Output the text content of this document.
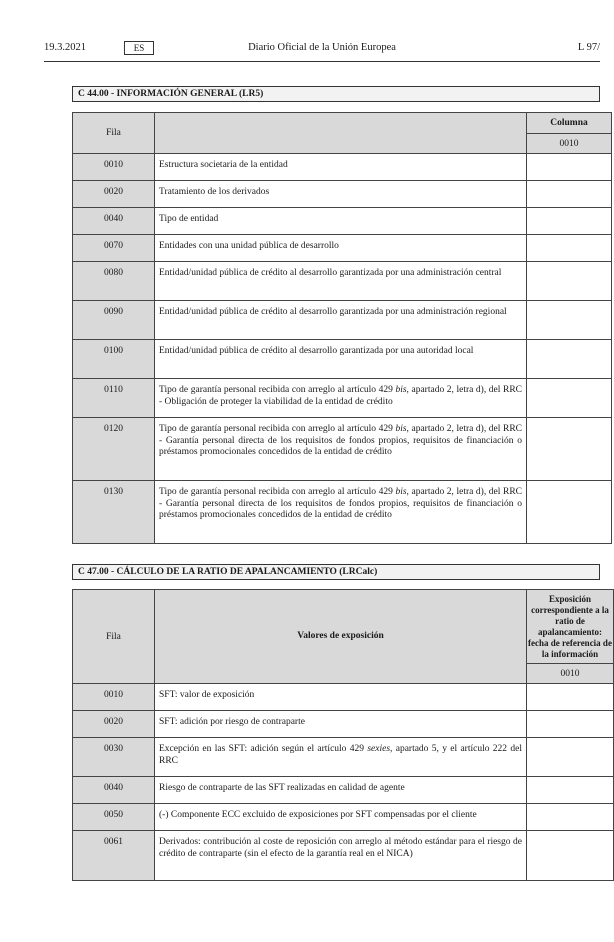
19.3.2021	ES	Diario Oficial de la Unión Europea	L 97/
C 44.00 - INFORMACIÓN GENERAL (LR5)
Fila		Columna
		0010
0010	Estructura societaria de la entidad	
0020	Tratamiento de los derivados	
0040	Tipo de entidad	
0070	Entidades con una unidad pública de desarrollo	
0080	Entidad/unidad pública de crédito al desarrollo garantizada por una administración central	
0090	Entidad/unidad pública de crédito al desarrollo garantizada por una administración regional	
0100	Entidad/unidad pública de crédito al desarrollo garantizada por una autoridad local	
0110	Tipo de garantía personal recibida con arreglo al artículo 429 bis, apartado 2, letra d), del RRC - Obligación de proteger la viabilidad de la entidad de crédito	
0120	Tipo de garantía personal recibida con arreglo al artículo 429 bis, apartado 2, letra d), del RRC - Garantía personal directa de los requisitos de fondos propios, requisitos de financiación o préstamos promocionales concedidos de la entidad de crédito	
0130	Tipo de garantía personal recibida con arreglo al artículo 429 bis, apartado 2, letra d), del RRC - Garantía personal directa de los requisitos de fondos propios, requisitos de financiación o préstamos promocionales concedidos de la entidad de crédito	
C 47.00 - CÁLCULO DE LA RATIO DE APALANCAMIENTO (LRCalc)
Fila	Valores de exposición	Exposición correspondiente a la ratio de apalancamiento: fecha de referencia de la información
		0010
0010	SFT: valor de exposición	
0020	SFT: adición por riesgo de contraparte	
0030	Excepción en las SFT: adición según el artículo 429 sexies, apartado 5, y el artículo 222 del RRC	
0040	Riesgo de contraparte de las SFT realizadas en calidad de agente	
0050	(-) Componente ECC excluido de exposiciones por SFT compensadas por el cliente	
0061	Derivados: contribución al coste de reposición con arreglo al método estándar para el riesgo de crédito de contraparte (sin el efecto de la garantía real en el NICA)	
